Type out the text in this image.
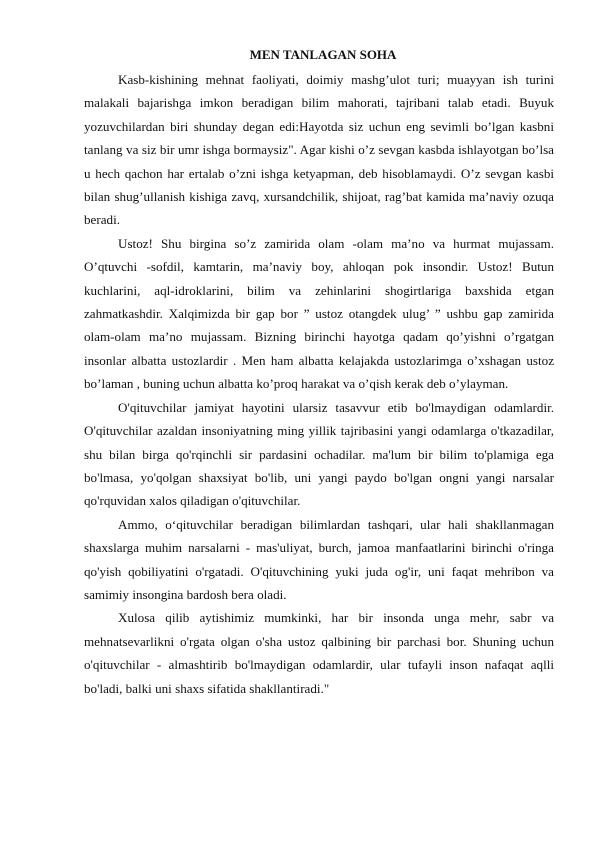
MEN TANLAGAN SOHA

Kasb-kishining mehnat faoliyati, doimiy mashg’ulot turi; muayyan ish turini malakali bajarishga imkon beradigan bilim mahorati, tajribani talab etadi. Buyuk yozuvchilardan biri shunday degan edi:Hayotda siz uchun eng sevimli bo’lgan kasbni tanlang va siz bir umr ishga bormaysiz". Agar kishi o’z sevgan kasbda ishlayotgan bo’lsa u hech qachon har ertalab o’zni ishga ketyapman, deb hisoblamaydi. O’z sevgan kasbi bilan shug’ullanish kishiga zavq, xursandchilik, shijoat, rag’bat kamida ma’naviy ozuqa beradi.

Ustoz! Shu birgina so’z zamirida olam -olam ma’no va hurmat mujassam. O’qtuvchi -sofdil, kamtarin, ma’naviy boy, ahloqan pok insondir. Ustoz! Butun kuchlarini, aql-idroklarini, bilim va zehinlarini shogirtlariga baxshida etgan zahmatkashdir. Xalqimizda bir gap bor ” ustoz otangdek ulug’ ” ushbu gap zamirida olam-olam ma’no mujassam. Bizning birinchi hayotga qadam qo’yishni o’rgatgan insonlar albatta ustozlardir . Men ham albatta kelajakda ustozlarimga o’xshagan ustoz bo’laman , buning uchun albatta ko’proq harakat va o’qish kerak deb o’ylayman.

O'qituvchilar jamiyat hayotini ularsiz tasavvur etib bo'lmaydigan odamlardir. O'qituvchilar azaldan insoniyatning ming yillik tajribasini yangi odamlarga o'tkazadilar, shu bilan birga qo'rqinchli sir pardasini ochadilar. ma'lum bir bilim to'plamiga ega bo'lmasa, yo'qolgan shaxsiyat bo'lib, uni yangi paydo bo'lgan ongni yangi narsalar qo'rquvidan xalos qiladigan o'qituvchilar.

Ammo, o‘qituvchilar beradigan bilimlardan tashqari, ular hali shakllanmagan shaxslarga muhim narsalarni - mas'uliyat, burch, jamoa manfaatlarini birinchi o'ringa qo'yish qobiliyatini o'rgatadi. O'qituvchining yuki juda og'ir, uni faqat mehribon va samimiy insongina bardosh bera oladi.

Xulosa qilib aytishimiz mumkinki, har bir insonda unga mehr, sabr va mehnatsevarlikni o'rgata olgan o'sha ustoz qalbining bir parchasi bor. Shuning uchun o'qituvchilar - almashtirib bo'lmaydigan odamlardir, ular tufayli inson nafaqat aqlli bo'ladi, balki uni shaxs sifatida shakllantiradi."
